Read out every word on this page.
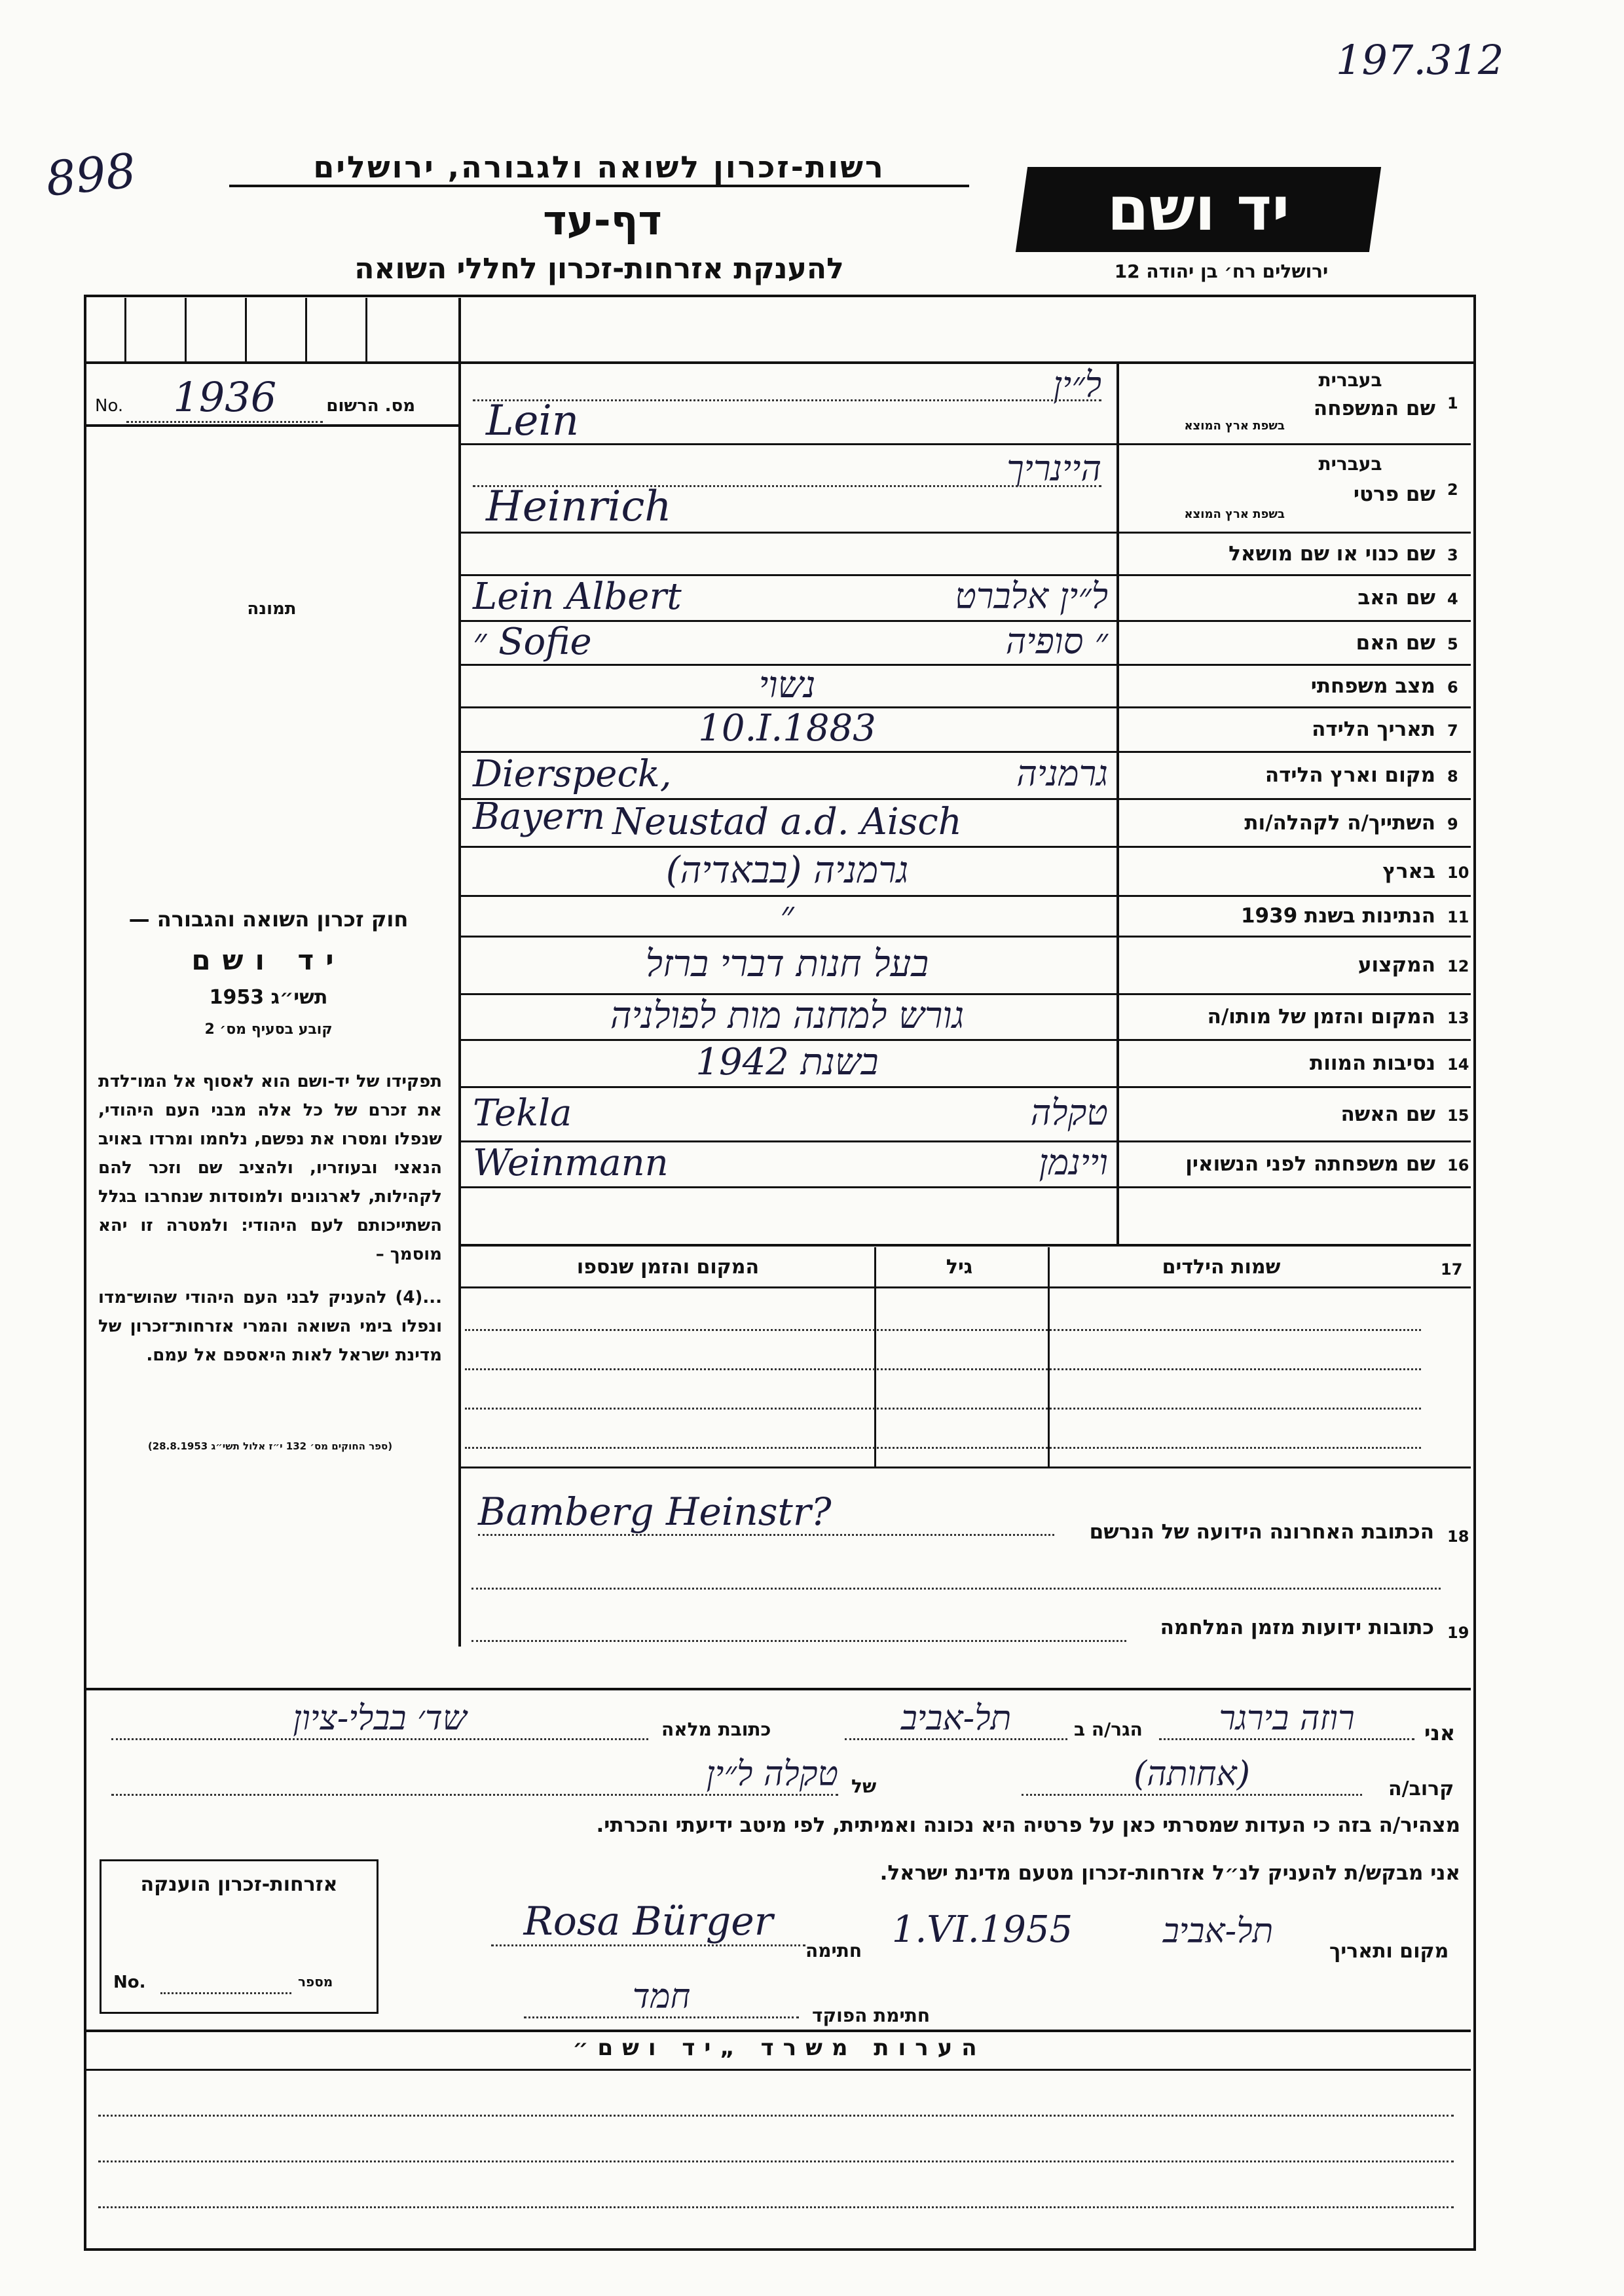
898
197.312
רשות-זכרון לשואה ולגבורה, ירושלים
דף-עד
להענקת אזרחות-זכרון לחללי השואה
יד ושם
ירושלים רח׳ בן יהודה 12
No. 1936	מס. הרשום
תמונה
חוק זכרון השואה והגבורה —
יד ושם
תשי״ג 1953
קובע בסעיף מס׳ 2
תפקידו של יד-ושם הוא לאסוף אל המו־לדת את זכרם של כל אלה מבני העם היהודי, שנפלו ומסרו את נפשם, נלחמו ומרדו באויב הנאצי ובעוזריו, ולהציב שם וזכר להם לקהילות, לארגונים ולמוסדות שנחרבו בגלל השתייכותם לעם היהודי: ולמטרה זו יהא מוסמך –
...(4) להעניק לבני העם היהודי שהוש־מדו ונפלו בימי השואה והמרי אזרחות־זכרון של מדינת ישראל לאות היאספם אל עמם.
(ספר החוקים מס׳ 132 י״ז אלול תשי״ג 28.8.1953)
1
שם המשפחה
בעברית
בשפת ארץ המוצא
ל״ין
Lein
2
שם פרטי
בעברית
בשפת ארץ המוצא
היינריך
Heinrich
3
שם כנוי או שם מושאל
4
שם האב
Lein Albert	ל״ין אלברט
5
שם האם
״ Sofie	״ סופיה
6
מצב משפחתי
נשוי
7
תאריך הלידה
10.I.1883
8
מקום וארץ הלידה
Dierspeck, Bayern
גרמניה
9
השתייך/ה לקהלה/ות
Neustad a.d. Aisch
10
בארץ
גרמניה (בבאדיה)
11
הנתינות בשנת 1939
״
12
המקצוע
בעל חנות דברי ברזל
13
המקום והזמן של מותו/ה
גורש למחנה מות לפולניה
14
נסיבות המוות
בשנת 1942
15
שם האשה
Tekla	טקלה
16
שם משפחתה לפני הנשואין
Weinmann	ויינמן
17
שמות הילדים
גיל
המקום והזמן שנספו
18
הכתובת האחרונה הידועה של הנרשם
Bamberg Heinstr?
19
כתובות ידועות מזמן המלחמה
אני
רוזה בירגר
הגר/ה ב
תל-אביב
כתובת מלאה
שד׳ בבלי-ציון
קרוב/ה
(אחותה)
של
טקלה ל״ין
מצהיר/ה בזה כי העדות שמסרתי כאן על פרטיה היא נכונה ואמיתית, לפי מיטב ידיעתי והכרתי.
אני מבקש/ת להעניק לנ״ל אזרחות-זכרון מטעם מדינת ישראל.
מקום ותאריך
תל-אביב
1.VI.1955
חתימה
Rosa Bürger
חתימת הפוקד
חמד
אזרחות-זכרון הוענקה
No.	מספר
הערות משרד „יד ושם״
